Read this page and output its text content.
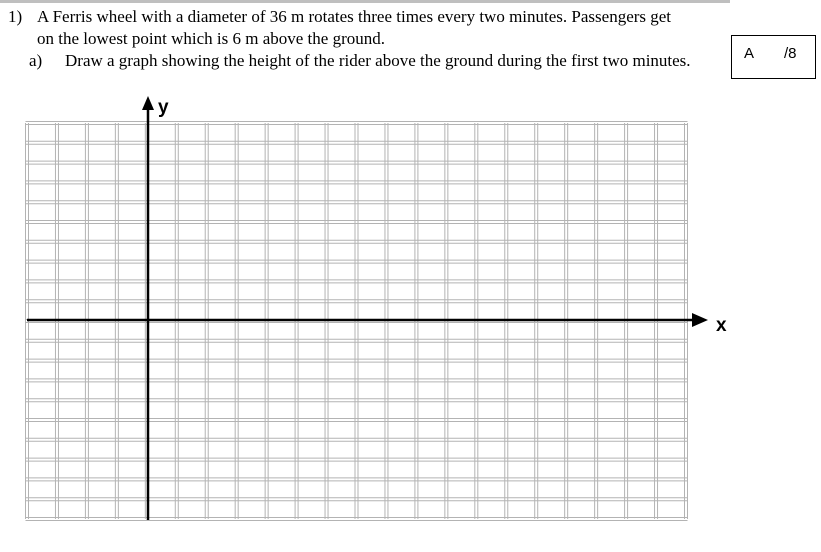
1) A Ferris wheel with a diameter of 36 m rotates three times every two minutes. Passengers get
on the lowest point which is 6 m above the ground.
a) Draw a graph showing the height of the rider above the ground during the first two minutes.	A /8
y
x
